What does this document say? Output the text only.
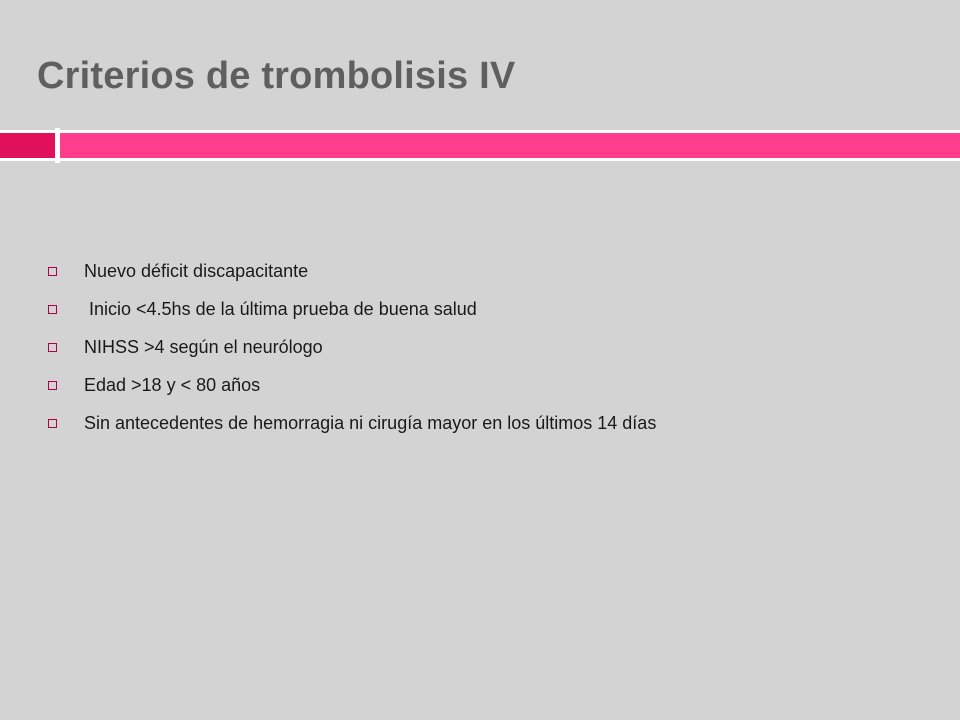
Criterios de trombolisis IV
Nuevo déficit discapacitante
Inicio <4.5hs de la última prueba de buena salud
NIHSS >4 según el neurólogo
Edad >18 y < 80 años
Sin antecedentes de hemorragia ni cirugía mayor en los últimos 14 días
